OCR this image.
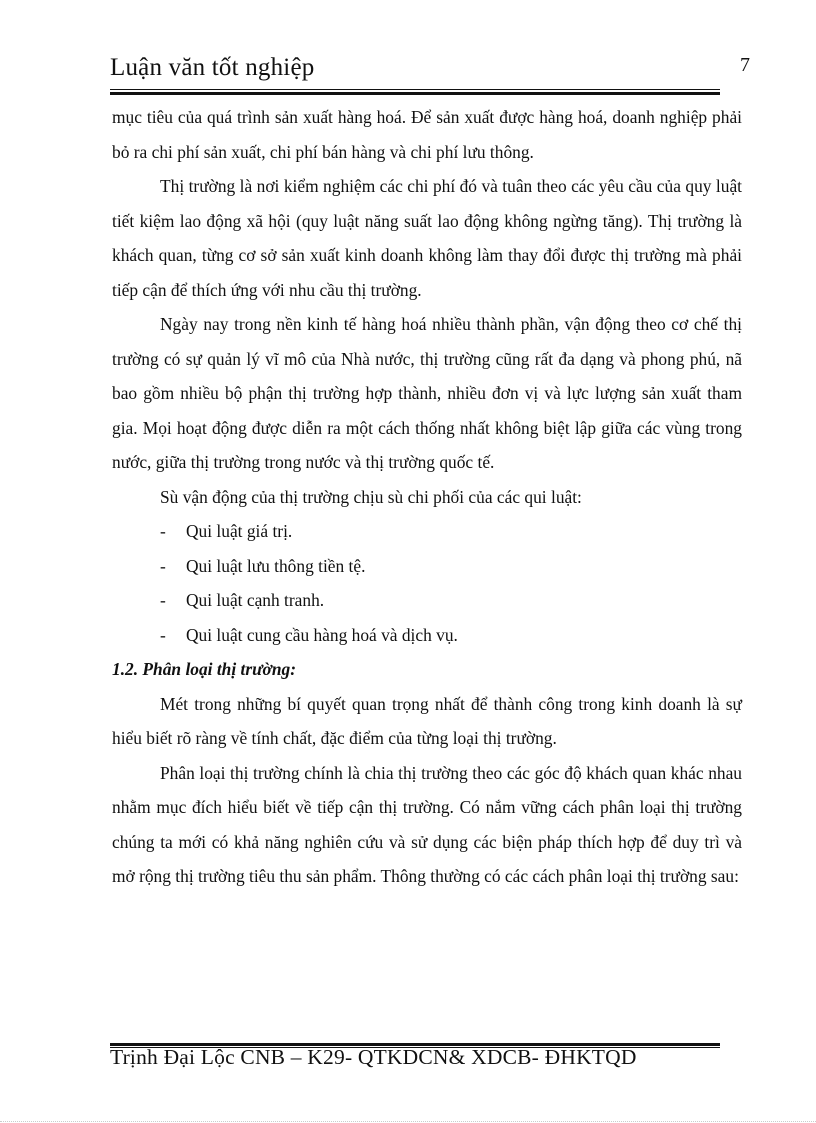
Luận văn tốt nghiệp	7

mục tiêu của quá trình sản xuất hàng hoá. Để sản xuất được hàng hoá, doanh nghiệp phải bỏ ra chi phí sản xuất, chi phí bán hàng và chi phí lưu thông.

Thị trường là nơi kiểm nghiệm các chi phí đó và tuân theo các yêu cầu của quy luật tiết kiệm lao động xã hội (quy luật năng suất lao động không ngừng tăng). Thị trường là khách quan, từng cơ sở sản xuất kinh doanh không làm thay đổi được thị trường mà phải tiếp cận để thích ứng với nhu cầu thị trường.

Ngày nay trong nền kinh tế hàng hoá nhiều thành phần, vận động theo cơ chế thị trường có sự quản lý vĩ mô của Nhà nước, thị trường cũng rất đa dạng và phong phú, nã bao gồm nhiều bộ phận thị trường hợp thành, nhiều đơn vị và lực lượng sản xuất tham gia. Mọi hoạt động được diễn ra một cách thống nhất không biệt lập giữa các vùng trong nước, giữa thị trường trong nước và thị trường quốc tế.

Sù vận động của thị trường chịu sù chi phối của các qui luật:

- Qui luật giá trị.
- Qui luật lưu thông tiền tệ.
- Qui luật cạnh tranh.
- Qui luật cung cầu hàng hoá và dịch vụ.

1.2. Phân loại thị trường:

Mét trong những bí quyết quan trọng nhất để thành công trong kinh doanh là sự hiểu biết rõ ràng về tính chất, đặc điểm của từng loại thị trường.

Phân loại thị trường chính là chia thị trường theo các góc độ khách quan khác nhau nhằm mục đích hiểu biết về tiếp cận thị trường. Có nắm vững cách phân loại thị trường chúng ta mới có khả năng nghiên cứu và sử dụng các biện pháp thích hợp để duy trì và mở rộng thị trường tiêu thu sản phẩm. Thông thường có các cách phân loại thị trường sau:

Trịnh Đại Lộc CNB – K29- QTKDCN& XDCB- ĐHKTQD
